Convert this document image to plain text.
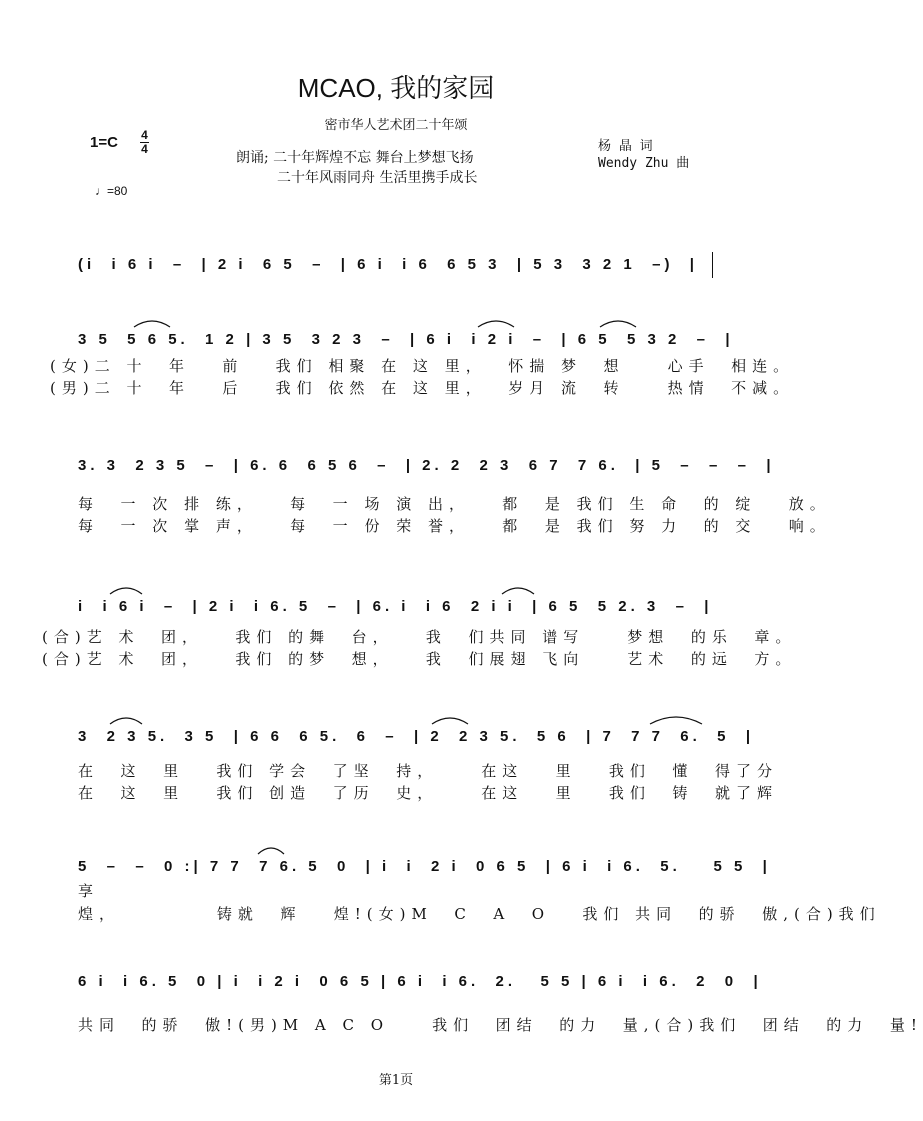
MCAO, 我的家园
密市华人艺术团二十年颂
1=C 4
4
♩=80
朗诵; 二十年辉煌不忘 舞台上梦想飞扬
二十年风雨同舟 生活里携手成长
杨 晶 词
Wendy Zhu 曲
(i  i 6 i  –  | 2 i  6 5  –  | 6 i  i 6  6 5 3  | 5 3  3 2 1  –)  |
3 5  5 6 5.  1 2 | 3 5  3 2 3  –  | 6 i  i 2 i  –  | 6 5  5 3 2  –  |
(女)二 十  年   前   我们 相聚 在 这 里，  怀揣 梦  想    心手  相连。
(男)二 十  年   后   我们 依然 在 这 里，  岁月 流  转    热情  不减。
3. 3  2 3 5  –  | 6. 6  6 5 6  –  | 2. 2  2 3  6 7  7 6.  | 5  –  –  –  |
每  一 次 排 练，   每  一 场 演 出，   都  是 我们 生 命  的 绽   放。
每  一 次 掌 声，   每  一 份 荣 誉，   都  是 我们 努 力  的 交   响。
i  i 6 i  –  | 2 i  i 6. 5  –  | 6. i  i 6  2 i i  | 6 5  5 2. 3  –  |
(合)艺 术  团，   我们 的舞  台，   我  们共同 谱写    梦想  的乐  章。
(合)艺 术  团，   我们 的梦  想，   我  们展翅 飞向    艺术  的远  方。
3  2 3 5.  3 5  | 6 6  6 5.  6  –  | 2  2 3 5.  5 6  | 7  7 7  6.  5  |
在  这  里   我们 学会  了坚  持，    在这   里   我们  懂  得了分
在  这  里   我们 创造  了历  史，    在这   里   我们  铸  就了辉
5  –  –  0 :| 7 7  7 6. 5  0  | i  i  2 i  0 6 5  | 6 i  i 6.  5.    5 5  |
享
煌，         铸就  辉   煌!(女)M  C  A  O   我们 共同  的骄  傲,(合)我们
6 i  i 6. 5  0 | i  i 2 i  0 6 5 | 6 i  i 6.  2.   5 5 | 6 i  i 6.  2  0  |
共同  的骄  傲!(男)M A C O    我们  团结  的力  量,(合)我们  团结  的力  量!
第1页
